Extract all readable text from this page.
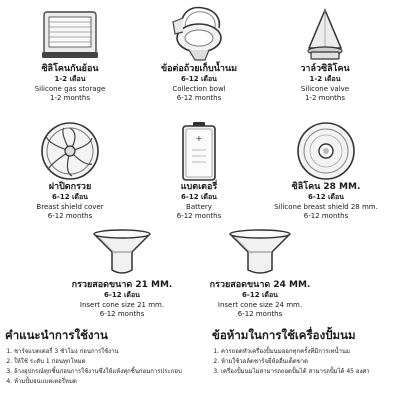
ซิลิโคนกันย้อน
1-2 เดือน
Silicone gas storage
1-2 months
ข้อต่อถ้วยเก็บน้ำนม
6-12 เดือน
Collection bowl
6-12 months
วาล์วซิลิโคน
1-2 เดือน
Silicone valve
1-2 months
ฝาปิดกรวย
6-12 เดือน
Breast shield cover
6-12 months
+
แบตเตอรี่
6-12 เดือน
Battery
6-12 months
ซิลิโคน 28 MM.
6-12 เดือน
Silicone breast shield 28 mm.
6-12 months
กรวยสอดขนาด 21 MM.
6-12 เดือน
Insert cone size 21 mm.
6-12 months
กรวยสอดขนาด 24 MM.
6-12 เดือน
Insert cone size 24 mm.
6-12 months
คำแนะนำการใช้งาน
1. ชาร์จแบตเตอรี่ 3 ชั่วโมง ก่อนการใช้งาน
2. ให้ใช้ ระดับ 1 ก่อนทุกโหมด
3. ล้างอุปกรณ์ทุกชิ้นก่อนการใช้งานซึ่งให้แห้งทุกชิ้นก่อนการประกอบ
4. ห้ามปั้มจนแบตเตอรี่หมด
ข้อห้ามในการใช้เครื่องปั้มนม
1. ควรถอดหัวเครื่องปั้มนมออกทุกครั้งที่มีการเทน้ำนม
2. ห้ามใช้วอล์ตชาร์จยี่ห้ออื่นเด็ดขาด
3. เครื่องปั้มนมไม่สามารถถอดปั้มได้ สามารถปั้มได้ 45 องศา
